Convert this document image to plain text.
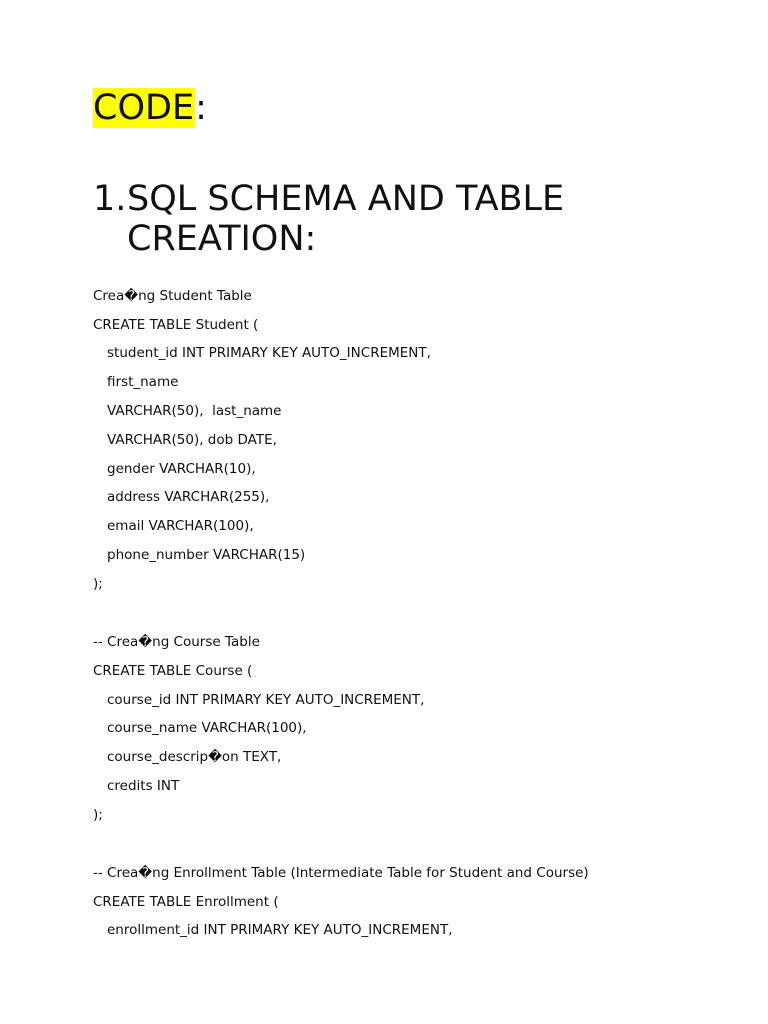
CODE:
1. SQL SCHEMA AND TABLE CREATION:
Crea�ng Student Table
CREATE TABLE Student (
student_id INT PRIMARY KEY AUTO_INCREMENT,
first_name
VARCHAR(50),  last_name
VARCHAR(50), dob DATE,
gender VARCHAR(10),
address VARCHAR(255),
email VARCHAR(100),
phone_number VARCHAR(15)
);
-- Crea�ng Course Table
CREATE TABLE Course (
course_id INT PRIMARY KEY AUTO_INCREMENT,
course_name VARCHAR(100),
course_descrip�on TEXT,
credits INT
);
-- Crea�ng Enrollment Table (Intermediate Table for Student and Course)
CREATE TABLE Enrollment (
enrollment_id INT PRIMARY KEY AUTO_INCREMENT,
